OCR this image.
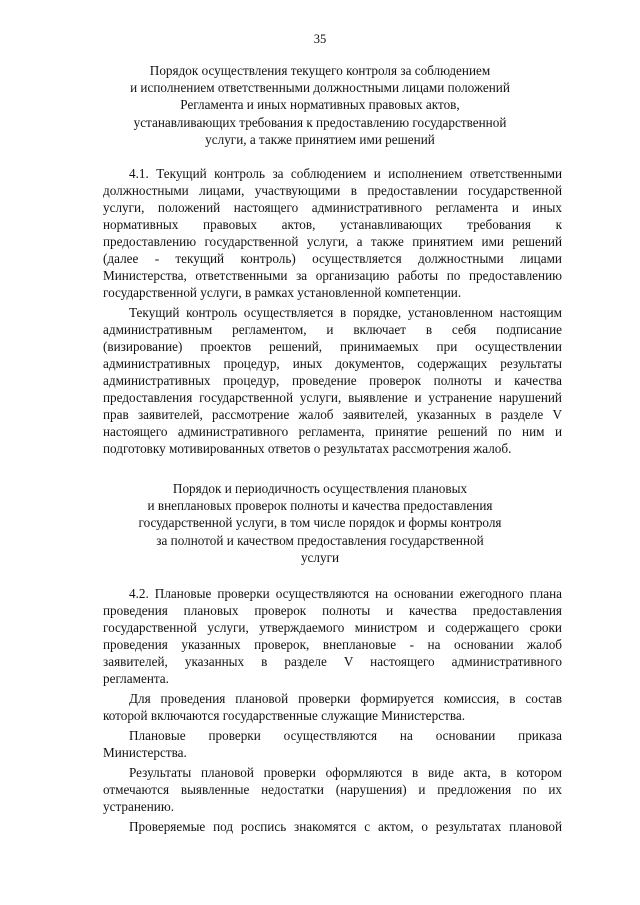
35
Порядок осуществления текущего контроля за соблюдением
и исполнением ответственными должностными лицами положений
Регламента и иных нормативных правовых актов,
устанавливающих требования к предоставлению государственной
услуги, а также принятием ими решений

4.1. Текущий контроль за соблюдением и исполнением ответственными
должностными лицами, участвующими в предоставлении государственной
услуги, положений настоящего административного регламента и иных
нормативных правовых актов, устанавливающих требования к
предоставлению государственной услуги, а также принятием ими решений
(далее - текущий контроль) осуществляется должностными лицами
Министерства, ответственными за организацию работы по предоставлению
государственной услуги, в рамках установленной компетенции.

Текущий контроль осуществляется в порядке, установленном настоящим
административным регламентом, и включает в себя подписание
(визирование) проектов решений, принимаемых при осуществлении
административных процедур, иных документов, содержащих результаты
административных процедур, проведение проверок полноты и качества
предоставления государственной услуги, выявление и устранение нарушений
прав заявителей, рассмотрение жалоб заявителей, указанных в разделе V
настоящего административного регламента, принятие решений по ним и
подготовку мотивированных ответов о результатах рассмотрения жалоб.

Порядок и периодичность осуществления плановых
и внеплановых проверок полноты и качества предоставления
государственной услуги, в том числе порядок и формы контроля
за полнотой и качеством предоставления государственной
услуги

4.2. Плановые проверки осуществляются на основании ежегодного плана
проведения плановых проверок полноты и качества предоставления
государственной услуги, утверждаемого министром и содержащего сроки
проведения указанных проверок, внеплановые - на основании жалоб
заявителей, указанных в разделе V настоящего административного
регламента.

Для проведения плановой проверки формируется комиссия, в состав
которой включаются государственные служащие Министерства.

Плановые проверки осуществляются на основании приказа
Министерства.

Результаты плановой проверки оформляются в виде акта, в котором
отмечаются выявленные недостатки (нарушения) и предложения по их
устранению.

Проверяемые под роспись знакомятся с актом, о результатах плановой
